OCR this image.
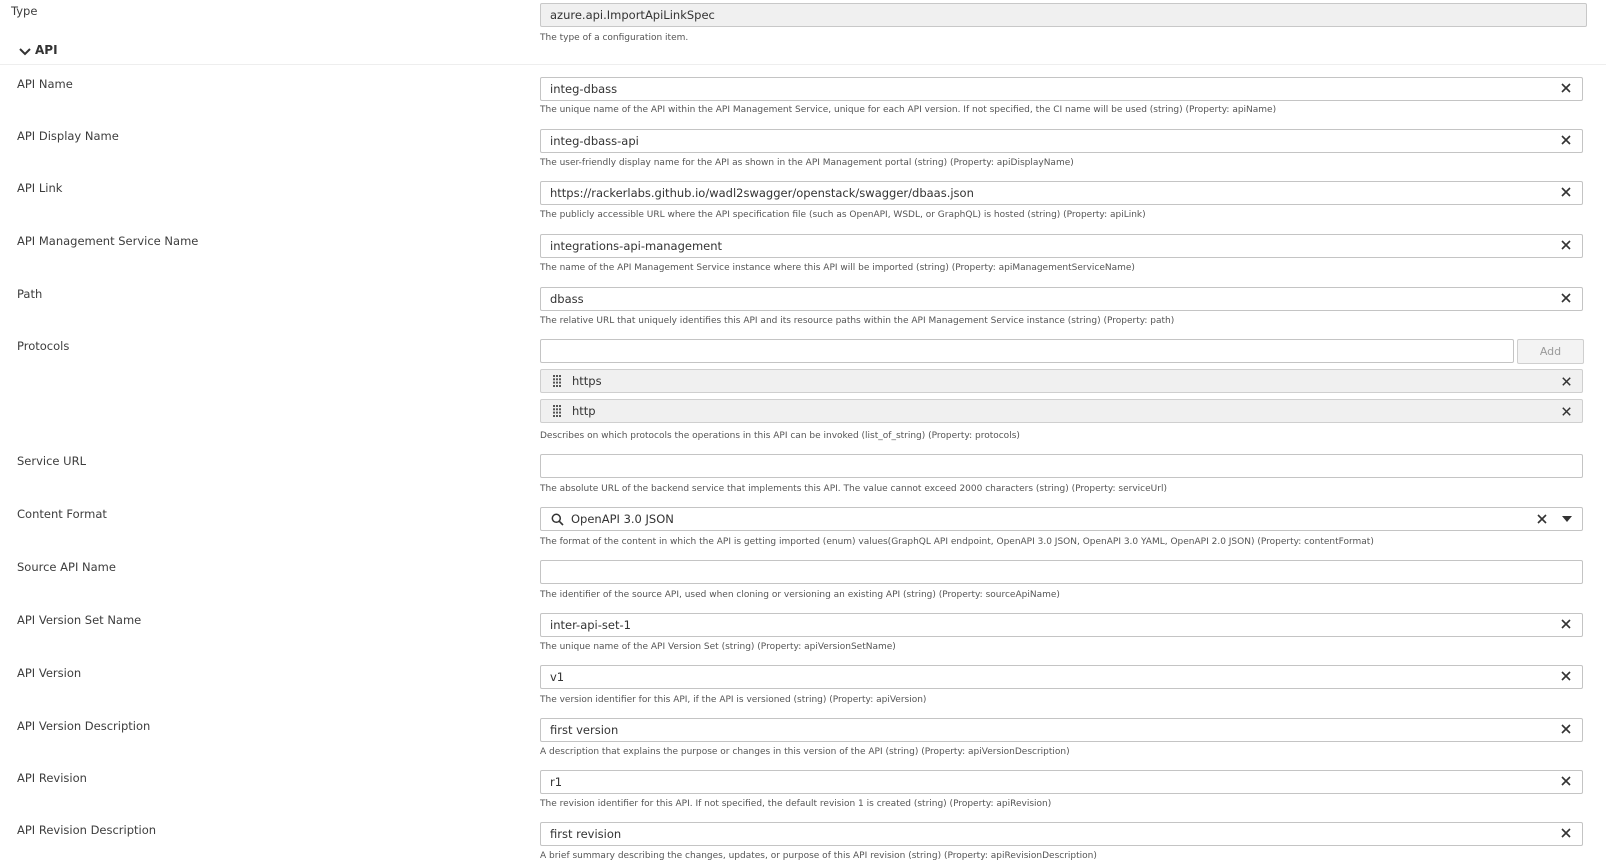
Type	azure.api.ImportApiLinkSpec
The type of a configuration item.
API
API Name	integ-dbass
The unique name of the API within the API Management Service, unique for each API version. If not specified, the CI name will be used (string) (Property: apiName)
API Display Name	integ-dbass-api
The user-friendly display name for the API as shown in the API Management portal (string) (Property: apiDisplayName)
API Link	https://rackerlabs.github.io/wadl2swagger/openstack/swagger/dbaas.json
The publicly accessible URL where the API specification file (such as OpenAPI, WSDL, or GraphQL) is hosted (string) (Property: apiLink)
API Management Service Name	integrations-api-management
The name of the API Management Service instance where this API will be imported (string) (Property: apiManagementServiceName)
Path	dbass
The relative URL that uniquely identifies this API and its resource paths within the API Management Service instance (string) (Property: path)
Protocols	Add
https
http
Describes on which protocols the operations in this API can be invoked (list_of_string) (Property: protocols)
Service URL
The absolute URL of the backend service that implements this API. The value cannot exceed 2000 characters (string) (Property: serviceUrl)
Content Format	OpenAPI 3.0 JSON
The format of the content in which the API is getting imported (enum) values(GraphQL API endpoint, OpenAPI 3.0 JSON, OpenAPI 3.0 YAML, OpenAPI 2.0 JSON) (Property: contentFormat)
Source API Name
The identifier of the source API, used when cloning or versioning an existing API (string) (Property: sourceApiName)
API Version Set Name	inter-api-set-1
The unique name of the API Version Set (string) (Property: apiVersionSetName)
API Version	v1
The version identifier for this API, if the API is versioned (string) (Property: apiVersion)
API Version Description	first version
A description that explains the purpose or changes in this version of the API (string) (Property: apiVersionDescription)
API Revision	r1
The revision identifier for this API. If not specified, the default revision 1 is created (string) (Property: apiRevision)
API Revision Description	first revision
A brief summary describing the changes, updates, or purpose of this API revision (string) (Property: apiRevisionDescription)
